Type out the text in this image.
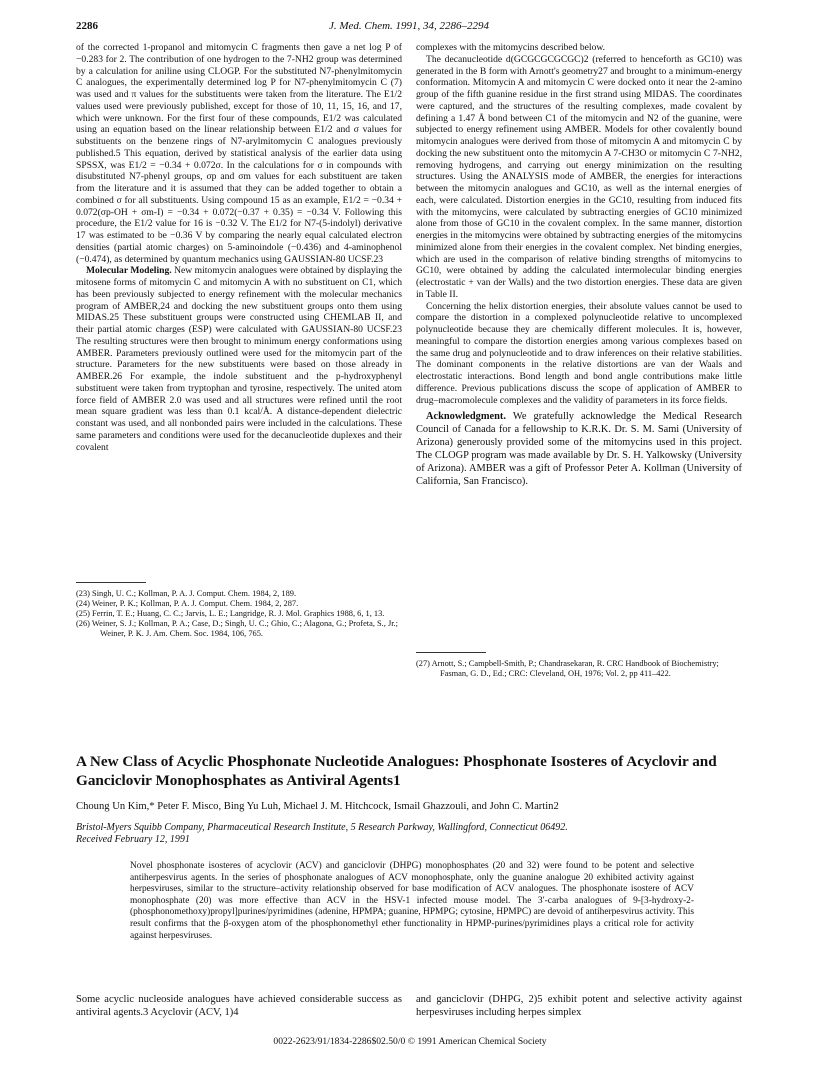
2286	J. Med. Chem. 1991, 34, 2286–2294

of the corrected 1-propanol and mitomycin C fragments then gave a net log P of −0.283 for 2. The contribution of one hydrogen to the 7-NH2 group was determined by a calculation for aniline using CLOGP. For the substituted N7-phenylmitomycin C analogues, the experimentally determined log P for N7-phenylmitomycin C (7) was used and π values for the substituents were taken from the literature. The E1/2 values used were previously published, except for those of 10, 11, 15, 16, and 17, which were unknown. For the first four of these compounds, E1/2 was calculated using an equation based on the linear relationship between E1/2 and σ values for substituents on the benzene rings of N7-arylmitomycin C analogues previously published.5 This equation, derived by statistical analysis of the earlier data using SPSSX, was E1/2 = −0.34 + 0.072σ. In the calculations for σ in compounds with disubstituted N7-phenyl groups, σp and σm values for each substituent are taken from the literature and it is assumed that they can be added together to obtain a combined σ for all substituents. Using compound 15 as an example, E1/2 = −0.34 + 0.072(σp-OH + σm-I) = −0.34 + 0.072(−0.37 + 0.35) = −0.34 V. Following this procedure, the E1/2 value for 16 is −0.32 V. The E1/2 for N7-(5-indolyl) derivative 17 was estimated to be −0.36 V by comparing the nearly equal calculated electron densities (partial atomic charges) on 5-aminoindole (−0.436) and 4-aminophenol (−0.474), as determined by quantum mechanics using GAUSSIAN-80 UCSF.23

Molecular Modeling. New mitomycin analogues were obtained by displaying the mitosene forms of mitomycin C and mitomycin A with no substituent on C1, which has been previously subjected to energy refinement with the molecular mechanics program of AMBER,24 and docking the new substituent groups onto them using MIDAS.25 These substituent groups were constructed using CHEMLAB II, and their partial atomic charges (ESP) were calculated with GAUSSIAN-80 UCSF.23 The resulting structures were then brought to minimum energy conformations using AMBER. Parameters previously outlined were used for the mitomycin part of the structure. Parameters for the new substituents were based on those already in AMBER.26 For example, the indole substituent and the p-hydroxyphenyl substituent were taken from tryptophan and tyrosine, respectively. The united atom force field of AMBER 2.0 was used and all structures were refined until the root mean square gradient was less than 0.1 kcal/Å. A distance-dependent dielectric constant was used, and all nonbonded pairs were included in the calculations. These same parameters and conditions were used for the decanucleotide duplexes and their covalent

(23) Singh, U. C.; Kollman, P. A. J. Comput. Chem. 1984, 2, 189.
(24) Weiner, P. K.; Kollman, P. A. J. Comput. Chem. 1984, 2, 287.
(25) Ferrin, T. E.; Huang, C. C.; Jarvis, L. E.; Langridge, R. J. Mol. Graphics 1988, 6, 1, 13.
(26) Weiner, S. J.; Kollman, P. A.; Case, D.; Singh, U. C.; Ghio, C.; Alagona, G.; Profeta, S., Jr.; Weiner, P. K. J. Am. Chem. Soc. 1984, 106, 765.

complexes with the mitomycins described below.

The decanucleotide d(GCGCGCGCGC)2 (referred to henceforth as GC10) was generated in the B form with Arnott's geometry27 and brought to a minimum-energy conformation. Mitomycin A and mitomycin C were docked onto it near the 2-amino group of the fifth guanine residue in the first strand using MIDAS. The coordinates were captured, and the structures of the resulting complexes, made covalent by defining a 1.47 Å bond between C1 of the mitomycin and N2 of the guanine, were subjected to energy refinement using AMBER. Models for other covalently bound mitomycin analogues were derived from those of mitomycin A and mitomycin C by docking the new substituent onto the mitomycin A 7-CH3O or mitomycin C 7-NH2, removing hydrogens, and carrying out energy minimization on the resulting structures. Using the ANALYSIS mode of AMBER, the energies for interactions between the mitomycin analogues and GC10, as well as the internal energies of each, were calculated. Distortion energies in the GC10, resulting from induced fits with the mitomycins, were calculated by subtracting energies of GC10 minimized alone from those of GC10 in the covalent complex. In the same manner, distortion energies in the mitomycins were obtained by subtracting energies of the mitomycins minimized alone from their energies in the covalent complex. Net binding energies, which are used in the comparison of relative binding strengths of mitomycins to GC10, were obtained by adding the calculated intermolecular binding energies (electrostatic + van der Walls) and the two distortion energies. These data are given in Table II.

Concerning the helix distortion energies, their absolute values cannot be used to compare the distortion in a complexed polynucleotide relative to uncomplexed polynucleotide because they are chemically different molecules. It is, however, meaningful to compare the distortion energies among various complexes based on the same drug and polynucleotide and to draw inferences on their relative stabilities. The dominant components in the relative distortions are van der Waals and electrostatic interactions. Bond length and bond angle contributions make little difference. Previous publications discuss the scope of application of AMBER to drug–macromolecule complexes and the validity of parameters in its force fields.

Acknowledgment. We gratefully acknowledge the Medical Research Council of Canada for a fellowship to K.R.K. Dr. S. M. Sami (University of Arizona) generously provided some of the mitomycins used in this project. The CLOGP program was made available by Dr. S. H. Yalkowsky (University of Arizona). AMBER was a gift of Professor Peter A. Kollman (University of California, San Francisco).

(27) Arnott, S.; Campbell-Smith, P.; Chandrasekaran, R. CRC Handbook of Biochemistry; Fasman, G. D., Ed.; CRC: Cleveland, OH, 1976; Vol. 2, pp 411–422.
A New Class of Acyclic Phosphonate Nucleotide Analogues: Phosphonate Isosteres of Acyclovir and Ganciclovir Monophosphates as Antiviral Agents1
Choung Un Kim,* Peter F. Misco, Bing Yu Luh, Michael J. M. Hitchcock, Ismail Ghazzouli, and John C. Martin2
Bristol-Myers Squibb Company, Pharmaceutical Research Institute, 5 Research Parkway, Wallingford, Connecticut 06492.
Received February 12, 1991
Novel phosphonate isosteres of acyclovir (ACV) and ganciclovir (DHPG) monophosphates (20 and 32) were found to be potent and selective antiherpesvirus agents. In the series of phosphonate analogues of ACV monophosphate, only the guanine analogue 20 exhibited activity against herpesviruses, similar to the structure–activity relationship observed for base modification of ACV analogues. The phosphonate isostere of ACV monophosphate (20) was more effective than ACV in the HSV-1 infected mouse model. The 3′-carba analogues of 9-[3-hydroxy-2-(phosphonomethoxy)propyl]purines/pyrimidines (adenine, HPMPA; guanine, HPMPG; cytosine, HPMPC) are devoid of antiherpesvirus activity. This result confirms that the β-oxygen atom of the phosphonomethyl ether functionality in HPMP-purines/pyrimidines plays a critical role for activity against herpesviruses.
Some acyclic nucleoside analogues have achieved considerable success as antiviral agents.3 Acyclovir (ACV, 1)4
and ganciclovir (DHPG, 2)5 exhibit potent and selective activity against herpesviruses including herpes simplex
0022-2623/91/1834-2286$02.50/0 © 1991 American Chemical Society
